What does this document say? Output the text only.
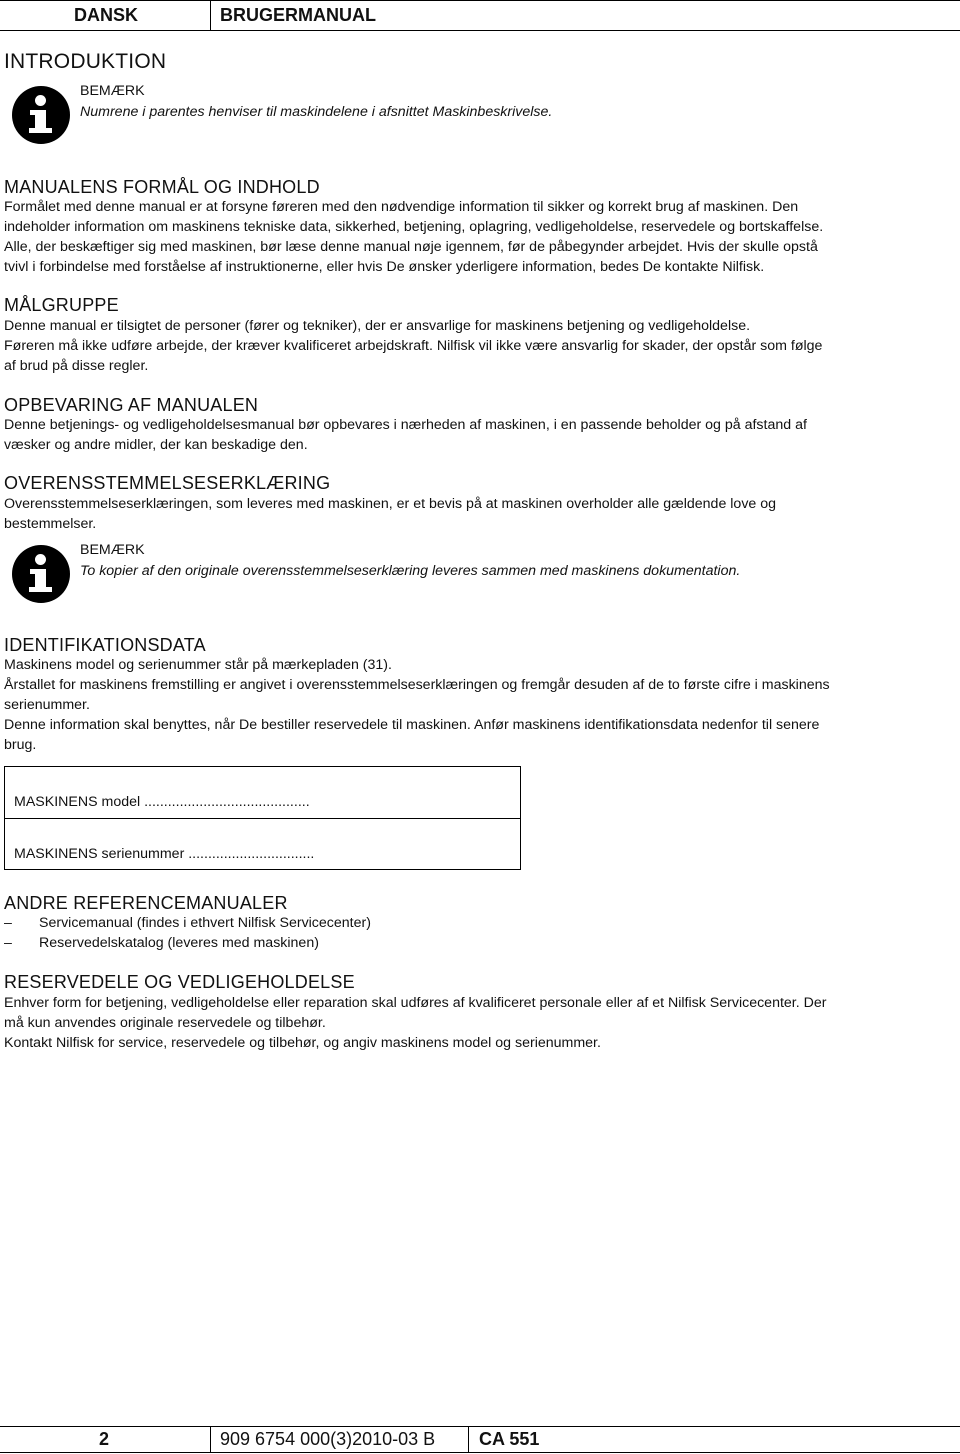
DANSK	BRUGERMANUAL
INTRODUKTION
BEMÆRK
Numrene i parentes henviser til maskindelene i afsnittet Maskinbeskrivelse.
MANUALENS FORMÅL OG INDHOLD
Formålet med denne manual er at forsyne føreren med den nødvendige information til sikker og korrekt brug af maskinen. Den
indeholder information om maskinens tekniske data, sikkerhed, betjening, oplagring, vedligeholdelse, reservedele og bortskaffelse.
Alle, der beskæftiger sig med maskinen, bør læse denne manual nøje igennem, før de påbegynder arbejdet. Hvis der skulle opstå
tvivl i forbindelse med forståelse af instruktionerne, eller hvis De ønsker yderligere information, bedes De kontakte Nilfisk.
MÅLGRUPPE
Denne manual er tilsigtet de personer (fører og tekniker), der er ansvarlige for maskinens betjening og vedligeholdelse.
Føreren må ikke udføre arbejde, der kræver kvalificeret arbejdskraft. Nilfisk vil ikke være ansvarlig for skader, der opstår som følge
af brud på disse regler.
OPBEVARING AF MANUALEN
Denne betjenings- og vedligeholdelsesmanual bør opbevares i nærheden af maskinen, i en passende beholder og på afstand af
væsker og andre midler, der kan beskadige den.
OVERENSSTEMMELSESERKLÆRING
Overensstemmelseserklæringen, som leveres med maskinen, er et bevis på at maskinen overholder alle gældende love og
bestemmelser.
BEMÆRK
To kopier af den originale overensstemmelseserklæring leveres sammen med maskinens dokumentation.
IDENTIFIKATIONSDATA
Maskinens model og serienummer står på mærkepladen (31).
Årstallet for maskinens fremstilling er angivet i overensstemmelseserklæringen og fremgår desuden af de to første cifre i maskinens
serienummer.
Denne information skal benyttes, når De bestiller reservedele til maskinen. Anfør maskinens identifikationsdata nedenfor til senere
brug.
MASKINENS model ..........................................
MASKINENS serienummer ................................
ANDRE REFERENCEMANUALER
– Servicemanual (findes i ethvert Nilfisk Servicecenter)
– Reservedelskatalog (leveres med maskinen)
RESERVEDELE OG VEDLIGEHOLDELSE
Enhver form for betjening, vedligeholdelse eller reparation skal udføres af kvalificeret personale eller af et Nilfisk Servicecenter. Der
må kun anvendes originale reservedele og tilbehør.
Kontakt Nilfisk for service, reservedele og tilbehør, og angiv maskinens model og serienummer.
2	909 6754 000(3)2010-03 B CA 551
